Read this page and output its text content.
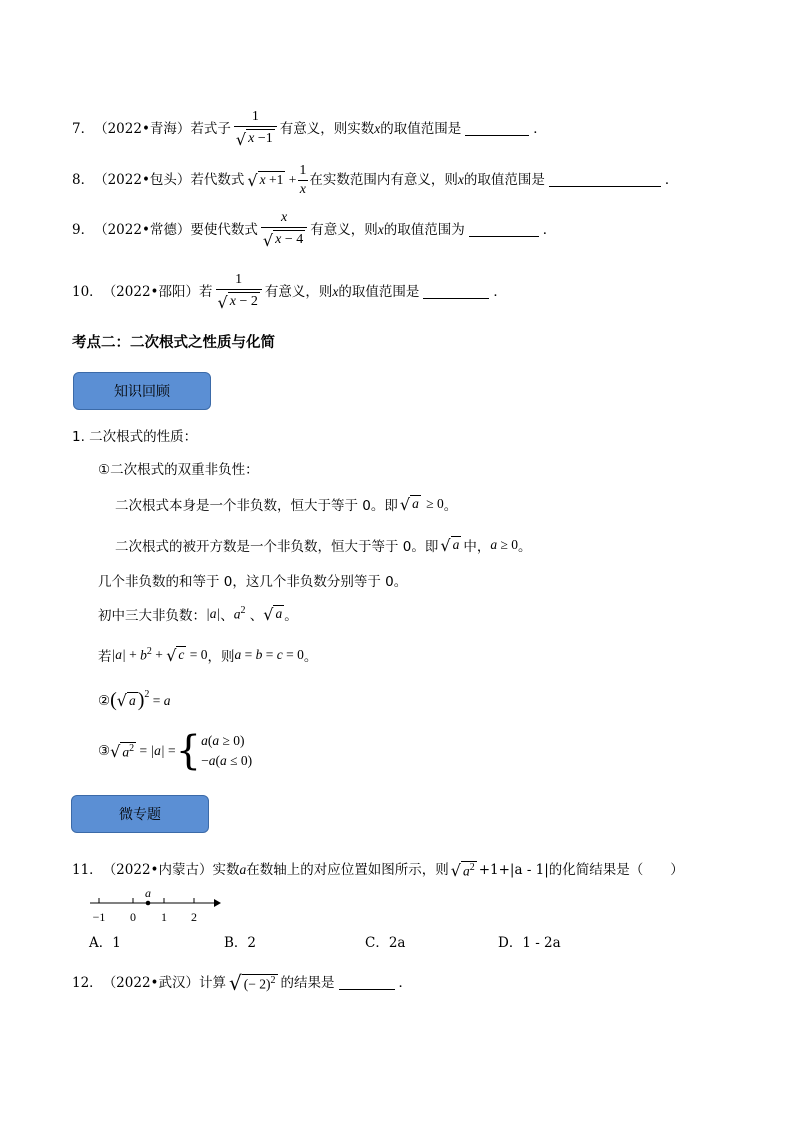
7． （2022•青海） 若式子 $\frac{1}{√ x -1}$ 有意义，则实数 x 的取值范围是	．
8． （2022•包头） 若代数式 √ $x +1 + \frac{1}{x}$ 在实数范围内有意义，则 x 的取值范围是	．
9． （2022•常德） 要使代数式 $\frac{x}{√ x - 4}$ 有意义，则 x 的取值范围为	．
10． （2022•邵阳） 若 $\frac{1}{√ x - 2}$ 有意义，则 x 的取值范围是	．
考点二：二次根式之性质与化简
知识回顾
1. 二次根式的性质：
①二次根式的双重非负性：
二次根式本身是一个非负数，恒大于等于 0。即 √ a ≥ 0 。
二次根式的被开方数是一个非负数，恒大于等于 0。即 √ a 中， a ≥ 0 。
几个非负数的和等于 0，这几个非负数分别等于 0。
初中三大非负数： |a| 、 $a^2$ 、 √ a 。
若 $|a| + b^2$ + √ c = 0 ，则 a = b = c = 0 。
② ( √ a )$^2$ = a
③ √ $a^2 = |a|$ = { a(a ≥ 0)
−a(a ≤ 0)
微专题
11． （2022•内蒙古） 实数 a 在数轴上的对应位置如图所示，则 √ $a^2 +1+|a - 1|$的化简结果是（　　）
a
−1 0 1 2
A．1	B．2	C．2a	D．1 - 2a
12． （2022•武汉） 计算 √ (− 2)$^2$ 的结果是	．
